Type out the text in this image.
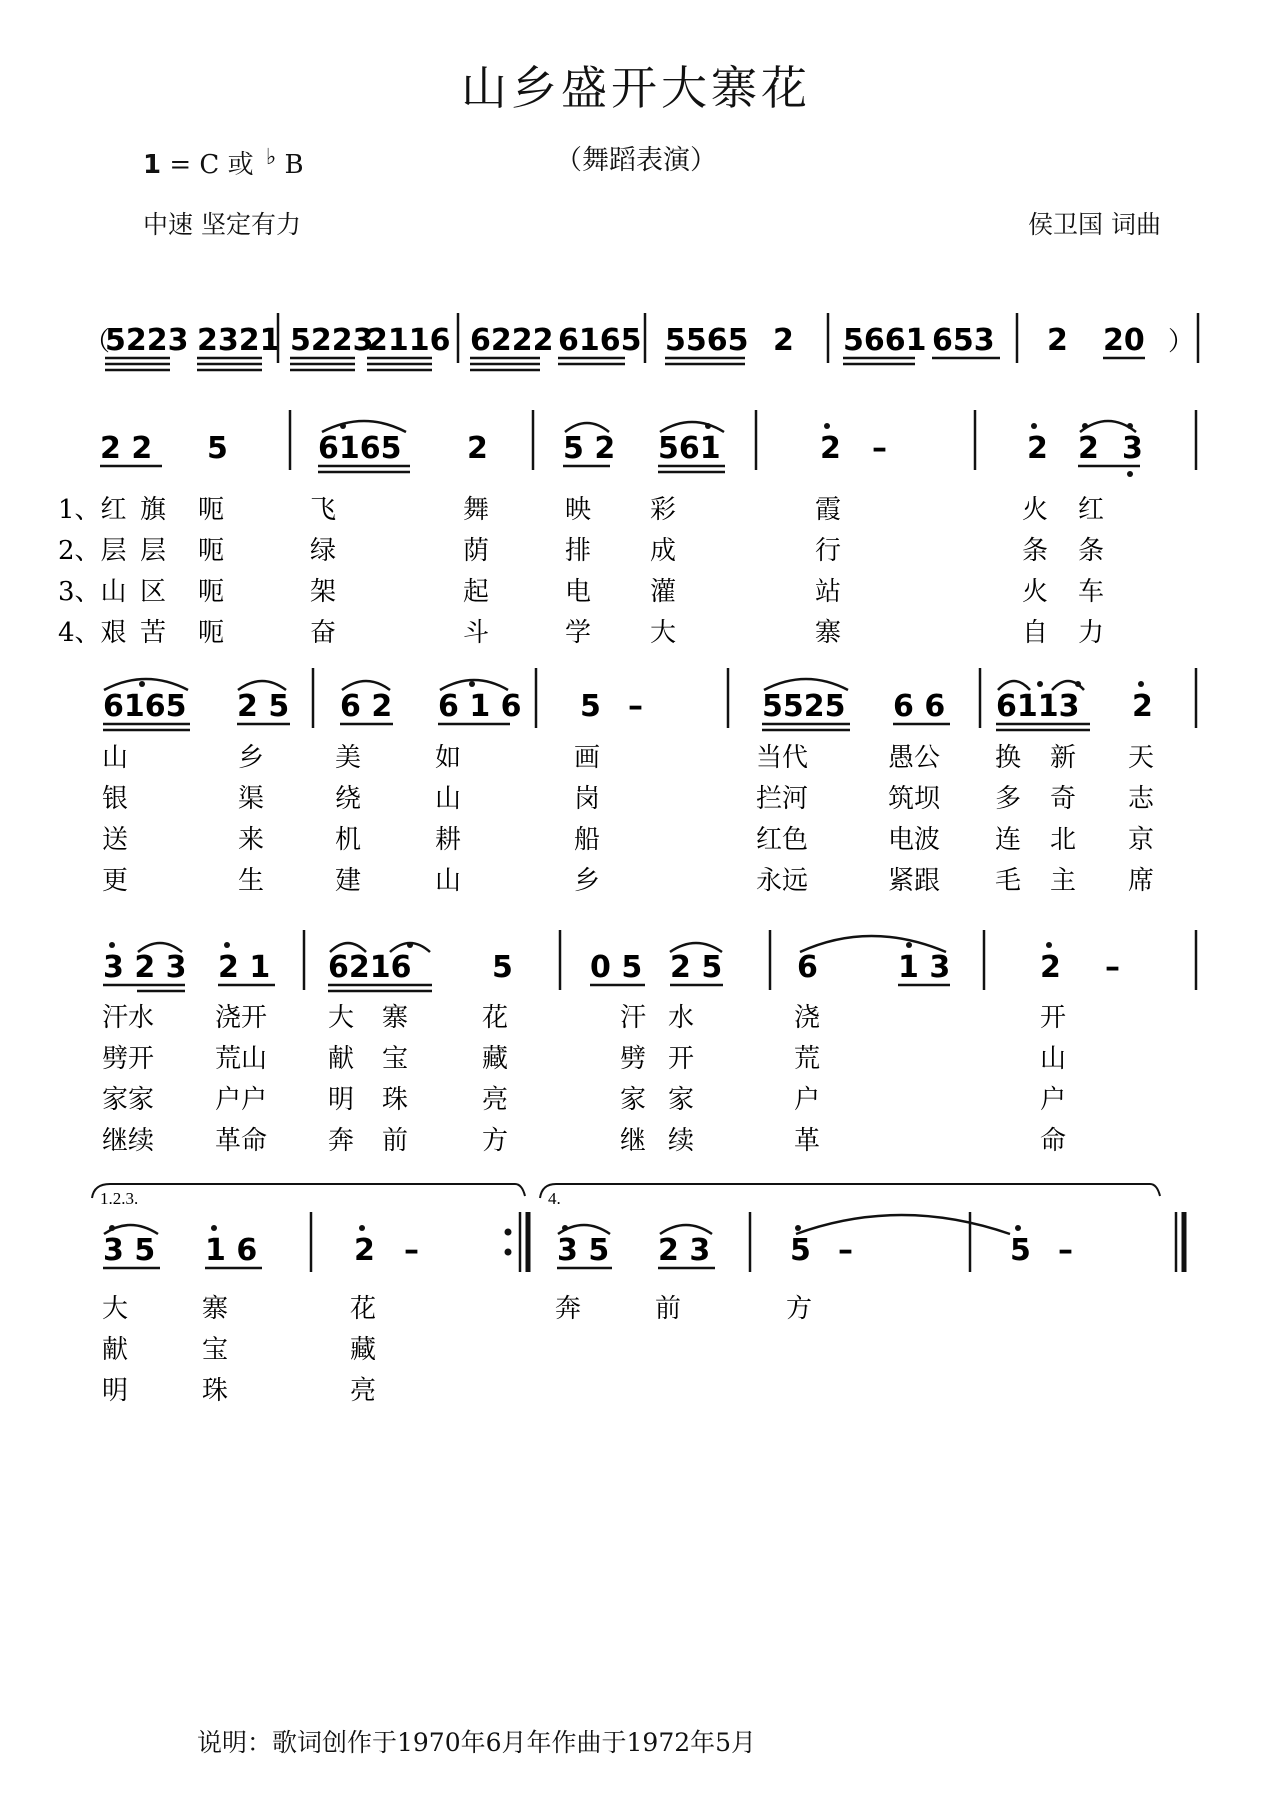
山乡盛开大寨花
（舞蹈表演）
1 = C 或 ♭ B
中速 坚定有力	侯卫国 词曲
（
5223 2321 5223
2116 6222 6165 5565 2 5661 653 2 20 ）
2 2 5	6165 2	5 2 561	2 –	2 2 3
1、红 旗 呃	飞	舞	映 彩	霞	火 红
2、层 层 呃	绿	荫	排 成	行	条 条
3、山 区 呃	架	起	电 灌	站	火 车
4、艰 苦 呃	奋	斗	学 大	寨	自 力
6165 2 5 6 2 6 1 6 5 –	5525 6 6 6113 2
山	乡	美	如	画	当代	愚公 换 新 天
银	渠	绕	山	岗	拦河	筑坝 多 奇 志
送	来	机	耕	船	红色	电波 连 北 京
更	生	建	山	乡	永远	紧跟 毛 主 席
3 2 3 2 1 6216	5	0 5 2 5 6	1 3	2 –
汗水 浇开 大 寨	花	汗 水	浇	开
劈开 荒山 献 宝	藏	劈 开	荒	山
家家 户户 明 珠	亮	家 家	户	户
继续 革命 奔 前	方	继 续	革	命
1.2.3.	4.
3 5 1 6	2 –	3 5 2 3	5 –	5 –
大	寨	花	奔	前	方
献	宝	藏
明	珠	亮
说明：歌词创作于1970年6月年作曲于1972年5月
